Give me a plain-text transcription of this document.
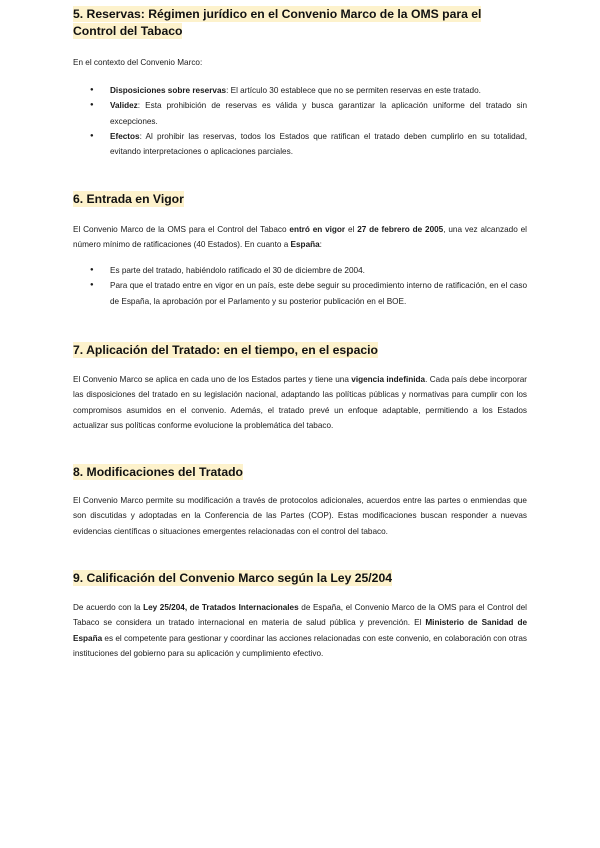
5. Reservas: Régimen jurídico en el Convenio Marco de la OMS para el Control del Tabaco

En el contexto del Convenio Marco:

● Disposiciones sobre reservas: El artículo 30 establece que no se permiten reservas en este tratado.
● Validez: Esta prohibición de reservas es válida y busca garantizar la aplicación uniforme del tratado sin excepciones.
● Efectos: Al prohibir las reservas, todos los Estados que ratifican el tratado deben cumplirlo en su totalidad, evitando interpretaciones o aplicaciones parciales.
6. Entrada en Vigor

El Convenio Marco de la OMS para el Control del Tabaco entró en vigor el 27 de febrero de 2005, una vez alcanzado el número mínimo de ratificaciones (40 Estados). En cuanto a España:

● Es parte del tratado, habiéndolo ratificado el 30 de diciembre de 2004.
● Para que el tratado entre en vigor en un país, este debe seguir su procedimiento interno de ratificación, en el caso de España, la aprobación por el Parlamento y su posterior publicación en el BOE.
7. Aplicación del Tratado: en el tiempo, en el espacio

El Convenio Marco se aplica en cada uno de los Estados partes y tiene una vigencia indefinida. Cada país debe incorporar las disposiciones del tratado en su legislación nacional, adaptando las políticas públicas y normativas para cumplir con los compromisos asumidos en el convenio. Además, el tratado prevé un enfoque adaptable, permitiendo a los Estados actualizar sus políticas conforme evolucione la problemática del tabaco.

8. Modificaciones del Tratado

El Convenio Marco permite su modificación a través de protocolos adicionales, acuerdos entre las partes o enmiendas que son discutidas y adoptadas en la Conferencia de las Partes (COP). Estas modificaciones buscan responder a nuevas evidencias científicas o situaciones emergentes relacionadas con el control del tabaco.

9. Calificación del Convenio Marco según la Ley 25/204

De acuerdo con la Ley 25/204, de Tratados Internacionales de España, el Convenio Marco de la OMS para el Control del Tabaco se considera un tratado internacional en materia de salud pública y prevención. El Ministerio de Sanidad de España es el competente para gestionar y coordinar las acciones relacionadas con este convenio, en colaboración con otras instituciones del gobierno para su aplicación y cumplimiento efectivo.
